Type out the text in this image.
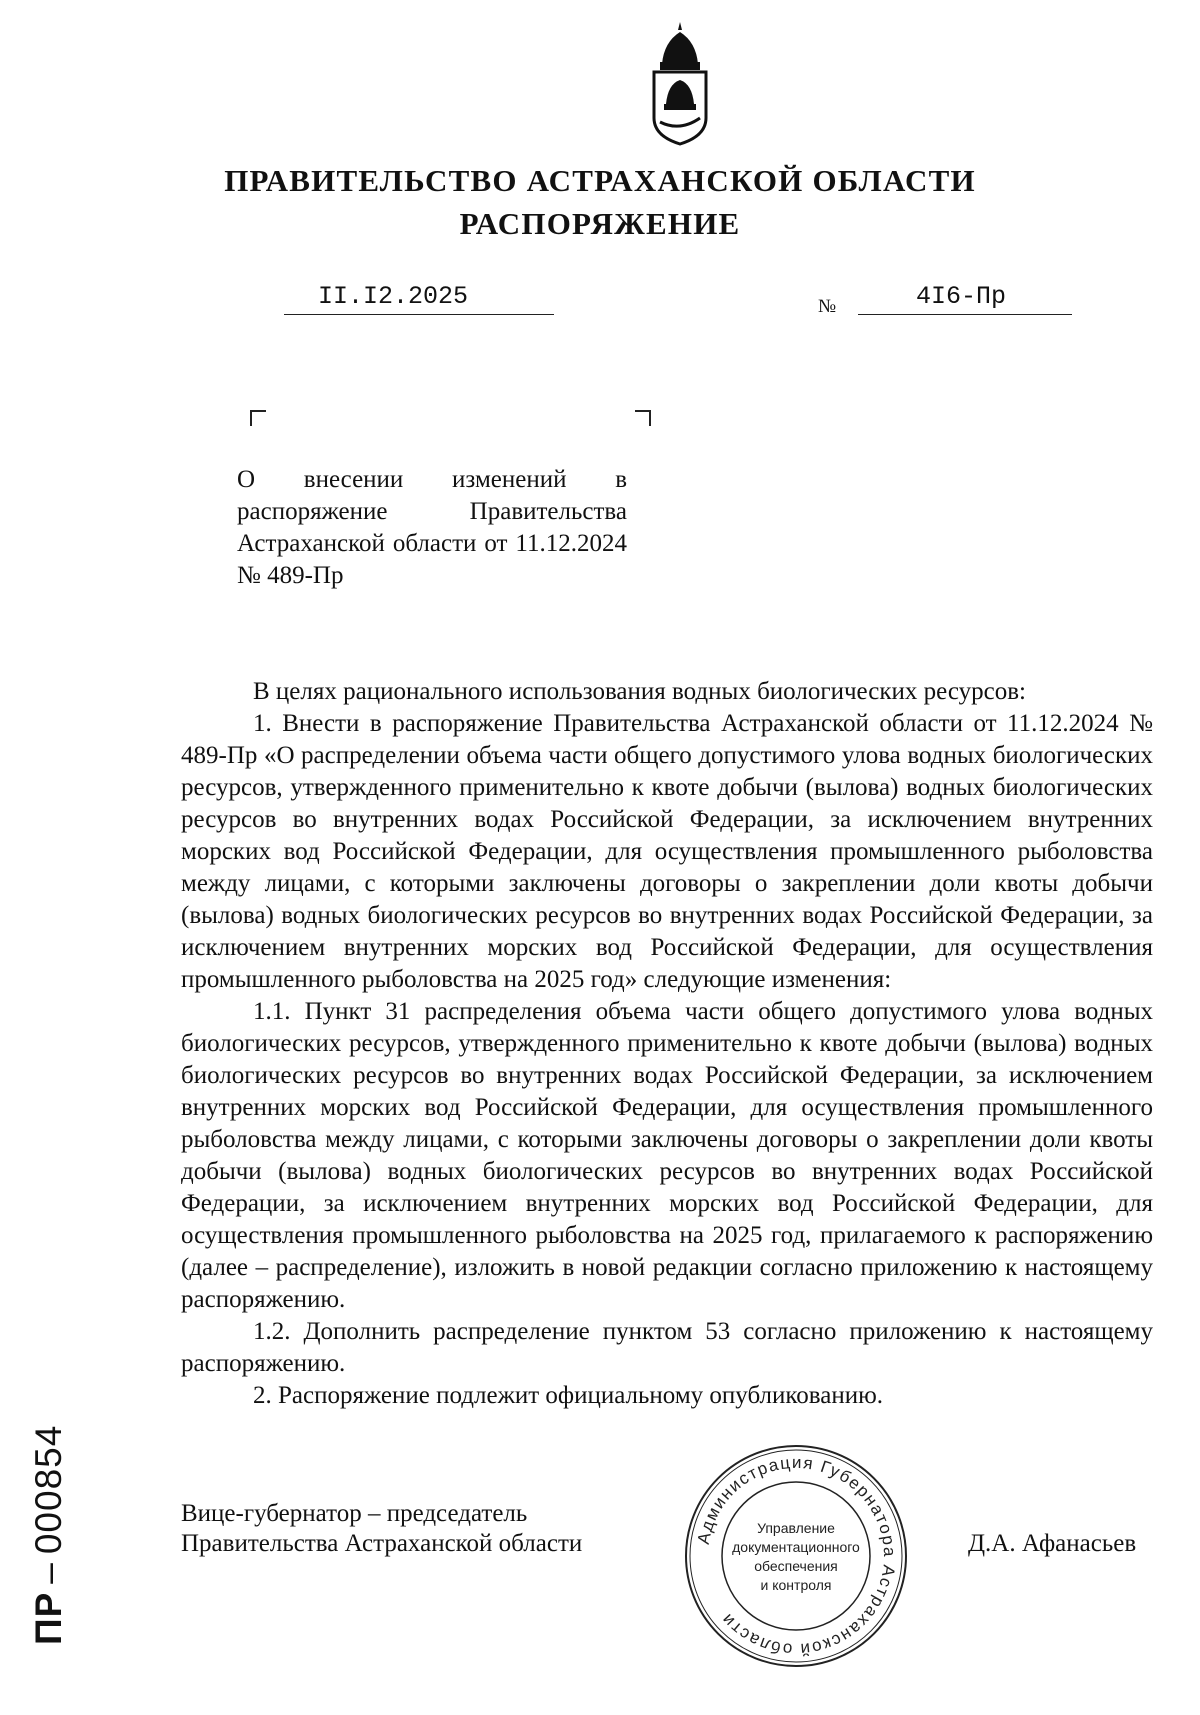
ПРАВИТЕЛЬСТВО АСТРАХАНСКОЙ ОБЛАСТИ
РАСПОРЯЖЕНИЕ
II.I2.2025	№	4I6-Пр

О внесении изменений в распоряжение Правительства Астраханской области от 11.12.2024 № 489-Пр

В целях рационального использования водных биологических ресурсов:

1. Внести в распоряжение Правительства Астраханской области от 11.12.2024 № 489-Пр «О распределении объема части общего допустимого улова водных биологических ресурсов, утвержденного применительно к квоте добычи (вылова) водных биологических ресурсов во внутренних водах Российской Федерации, за исключением внутренних морских вод Российской Федерации, для осуществления промышленного рыболовства между лицами, с которыми заключены договоры о закреплении доли квоты добычи (вылова) водных биологических ресурсов во внутренних водах Российской Федерации, за исключением внутренних морских вод Российской Федерации, для осуществления промышленного рыболовства на 2025 год» следующие изменения:

1.1. Пункт 31 распределения объема части общего допустимого улова водных биологических ресурсов, утвержденного применительно к квоте добычи (вылова) водных биологических ресурсов во внутренних водах Российской Федерации, за исключением внутренних морских вод Российской Федерации, для осуществления промышленного рыболовства между лицами, с которыми заключены договоры о закреплении доли квоты добычи (вылова) водных биологических ресурсов во внутренних водах Российской Федерации, за исключением внутренних морских вод Российской Федерации, для осуществления промышленного рыболовства на 2025 год, прилагаемого к распоряжению (далее – распределение), изложить в новой редакции согласно приложению к настоящему распоряжению.

1.2. Дополнить распределение пунктом 53 согласно приложению к настоящему распоряжению.

2. Распоряжение подлежит официальному опубликованию.

Вице-губернатор – председатель
Правительства Астраханской области	Д.А. Афанасьев
Администрация Губернатора Астраханской области
Управление
документационного
обеспечения
и контроля
ПР–000854
